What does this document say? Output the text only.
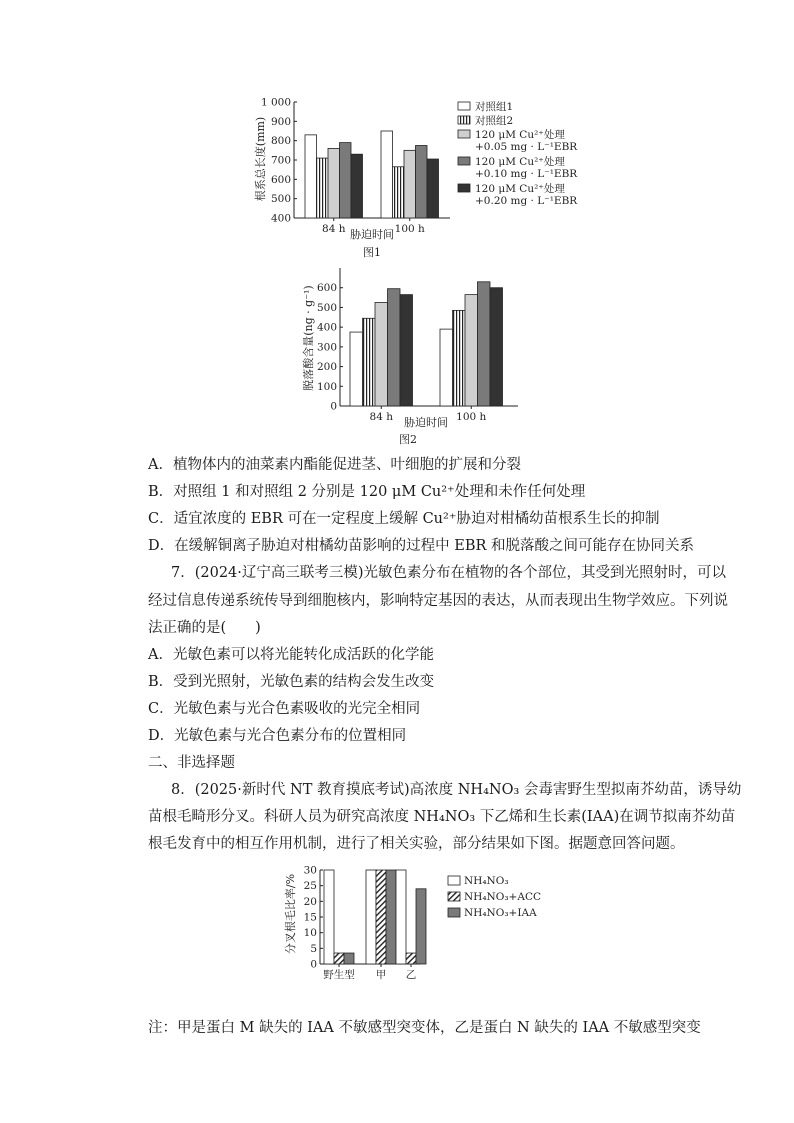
400
500
600
700
800
900
1 000
84 h	100 h
对照组1
对照组2
120 μM Cu²⁺处理
+0.05 mg · L⁻¹EBR
120 μM Cu²⁺处理
+0.10 mg · L⁻¹EBR
120 μM Cu²⁺处理
+0.20 mg · L⁻¹EBR
胁迫时间
图1
根系总长度(mm)
0
100
200
300
400
500
600
84 h	100 h
胁迫时间
图2
脱落酸含量(ng · g⁻¹)
A．植物体内的油菜素内酯能促进茎、叶细胞的扩展和分裂
B．对照组 1 和对照组 2 分别是 120 μM Cu²⁺处理和未作任何处理
C．适宜浓度的 EBR 可在一定程度上缓解 Cu²⁺胁迫对柑橘幼苗根系生长的抑制
D．在缓解铜离子胁迫对柑橘幼苗影响的过程中 EBR 和脱落酸之间可能存在协同关系
7．(2024·辽宁高三联考三模)光敏色素分布在植物的各个部位，其受到光照射时，可以
经过信息传递系统传导到细胞核内，影响特定基因的表达，从而表现出生物学效应。下列说
法正确的是(　　)
A．光敏色素可以将光能转化成活跃的化学能
B．受到光照射，光敏色素的结构会发生改变
C．光敏色素与光合色素吸收的光完全相同
D．光敏色素与光合色素分布的位置相同
二、非选择题
8．(2025·新时代 NT 教育摸底考试)高浓度 NH₄NO₃ 会毒害野生型拟南芥幼苗，诱导幼
苗根毛畸形分叉。科研人员为研究高浓度 NH₄NO₃ 下乙烯和生长素(IAA)在调节拟南芥幼苗
根毛发育中的相互作用机制，进行了相关实验，部分结果如下图。据题意回答问题。
0
5
10
15
20
25
30
野生型 甲 乙
NH₄NO₃
NH₄NO₃+ACC
NH₄NO₃+IAA
分叉根毛比率/%
注：甲是蛋白 M 缺失的 IAA 不敏感型突变体，乙是蛋白 N 缺失的 IAA 不敏感型突变
